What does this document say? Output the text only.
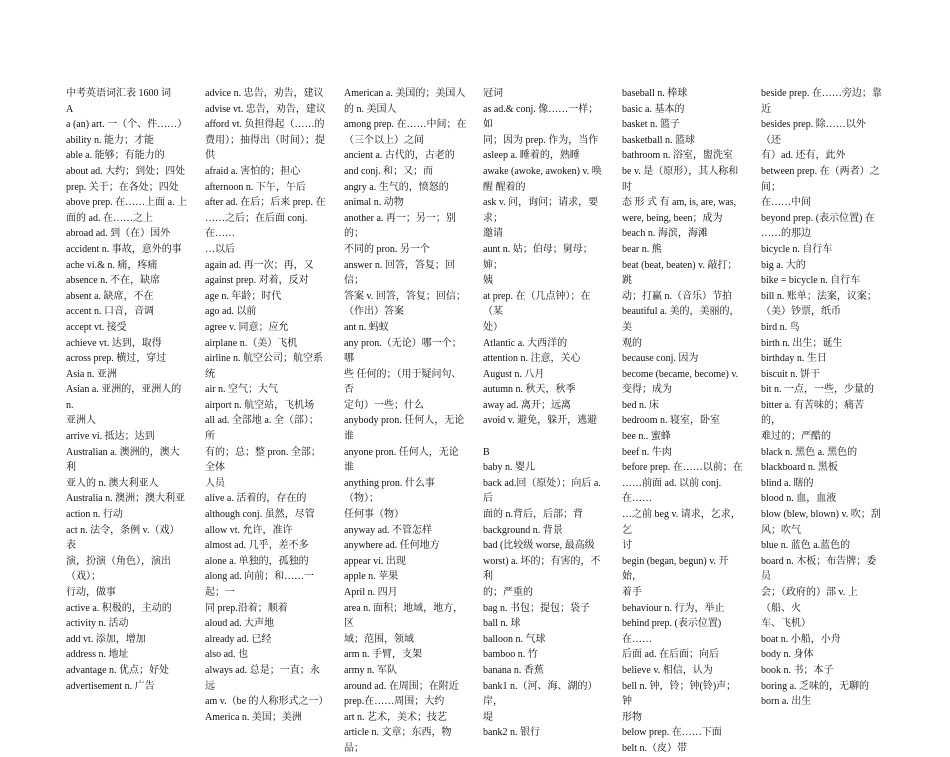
中考英语词汇表 1600 词
A
a (an) art. 一（个、件……）
ability n. 能力；才能
able a. 能够；有能力的
about ad. 大约；到处；四处
prep. 关于；在各处；四处
above prep. 在……上面 a. 上
面的 ad. 在……之上
abroad ad. 到（在）国外
accident n. 事故，意外的事
ache vi.& n. 痛，疼痛
absence n. 不在，缺席
absent a. 缺席，不在
accent n. 口音，音调
accept vt. 接受
achieve vt. 达到，取得
across prep. 横过，穿过
Asia n. 亚洲
Asian a. 亚洲的，亚洲人的 n.
亚洲人
arrive vi. 抵达；达到
Australian a. 澳洲的，澳大利
亚人的 n. 澳大利亚人
Australia n. 澳洲；澳大利亚
action n. 行动
act n. 法令，条例 v.（戏）表
演，扮演（角色），演出（戏）；
行动，做事
active a. 积极的，主动的
activity n. 活动
add vt. 添加，增加
address n. 地址
advantage n. 优点；好处
advertisement n. 广告
advice n. 忠告，劝告，建议
advise vt. 忠告，劝告，建议
afford vt. 负担得起（……的
费用）；抽得出（时间）；提供
afraid a. 害怕的；担心
afternoon n. 下午，午后
after ad. 在后；后来 prep. 在
……之后；在后面 conj. 在……
…以后
again ad. 再一次；再，又
against prep. 对着，反对
age n. 年龄；时代
ago ad. 以前
agree v. 同意；应允
airplane n.（美）飞机
airline n. 航空公司；航空系
统
air n. 空气；大气
airport n. 航空站，飞机场
all ad. 全部地 a. 全（部）；所
有的；总；整 pron. 全部；全体
人员
alive a. 活着的，存在的
although conj. 虽然，尽管
allow vt. 允许，准许
almost ad. 几乎，差不多
alone a. 单独的，孤独的
along ad. 向前；和……一起；一
同 prep.沿着；顺着
aloud ad. 大声地
already ad. 已经
also ad. 也
always ad. 总是；一直；永远
am v.（be 的人称形式之一）
America n. 美国；美洲
American a. 美国的；美国人
的 n. 美国人
among prep. 在……中间；在
（三个以上）之间
ancient a. 古代的，古老的
and conj. 和；又；而
angry a. 生气的，愤怒的
animal n. 动物
another a. 再一；另一；别的；
不同的 pron. 另一个
answer n. 回答，答复；回信；
答案 v. 回答，答复；回信；
（作出）答案
ant n. 蚂蚁
any pron.（无论）哪一个；哪
些 任何的；（用于疑问句、否
定句）一些；什么
anybody pron. 任何人，无论
谁
anyone pron. 任何人，无论谁
anything pron. 什么事（物）；
任何事（物）
anyway ad. 不管怎样
anywhere ad. 任何地方
appear vi. 出现
apple n. 苹果
April n. 四月
area n. 面积；地域，地方，区
域；范围，领域
arm n. 手臂，支架
army n. 军队
around ad. 在周围；在附近
prep.在……周围；大约
art n. 艺术，美术；技艺
article n. 文章；东西，物品；
冠词
as ad.& conj. 像……一样；如
同；因为 prep. 作为，当作
asleep a. 睡着的，熟睡
awake (awoke, awoken) v. 唤
醒 醒着的
ask v. 问，询问；请求，要求；
邀请
aunt n. 姑；伯母；舅母；婶；
姨
at prep. 在（几点钟）；在（某
处）
Atlantic a. 大西洋的
attention n. 注意，关心
August n. 八月
autumn n. 秋天，秋季
away ad. 离开；远离
avoid v. 避免，躲开，逃避
B
baby n. 婴儿
back ad.回（原处）；向后 a.后
面的 n.背后，后部；背
background n. 背景
bad (比较级 worse, 最高级
worst) a. 坏的；有害的，不利
的；严重的
bag n. 书包；提包；袋子
ball n. 球
balloon n. 气球
bamboo n. 竹
banana n. 香蕉
bank1 n.（河、海、湖的）岸，
堤
bank2 n. 银行
baseball n. 棒球
basic a. 基本的
basket n. 篮子
basketball n. 篮球
bathroom n. 浴室，盥洗室
be v. 是（原形），其人称和时
态 形 式 有 am, is, are, was,
were, being, been；成为
beach n. 海滨，海滩
bear n. 熊
beat (beat, beaten) v. 敲打；跳
动；打赢 n.（音乐）节拍
beautiful a. 美的，美丽的，美
观的
because conj. 因为
become (became, become) v.
变得；成为
bed n. 床
bedroom n. 寝室，卧室
bee n.. 蜜蜂
beef n. 牛肉
before prep. 在……以前；在
……前面 ad. 以前 conj. 在……
…之前 beg v. 请求，乞求，乞
讨
begin (began, begun) v. 开始，
着手
behaviour n. 行为，举止
behind prep. (表示位置)在……
后面 ad. 在后面；向后
believe v. 相信，认为
bell n. 钟，铃；钟(铃)声；钟
形物
below prep. 在……下面
belt n.（皮）带
beside prep. 在……旁边；靠
近
besides prep. 除……以外（还
有）ad. 还有，此外
between prep. 在（两者）之间；
在……中间
beyond prep. (表示位置) 在
……的那边
bicycle n. 自行车
big a. 大的
bike = bicycle n. 自行车
bill n. 账单；法案，议案；
（美）钞票，纸币
bird n. 鸟
birth n. 出生；诞生
birthday n. 生日
biscuit n. 饼干
bit n. 一点，一些，少量的
bitter a. 有苦味的；痛苦的，
难过的；严酷的
black n. 黑色 a. 黑色的
blackboard n. 黑板
blind a. 瞎的
blood n. 血，血液
blow (blew, blown) v. 吹；刮
风；吹气
blue n. 蓝色 a.蓝色的
board n. 木板；布告牌；委员
会；（政府的）部 v. 上（船、火
车、飞机）
boat n. 小船，小舟
body n. 身体
book n. 书；本子
boring a. 乏味的，无聊的
born a. 出生
